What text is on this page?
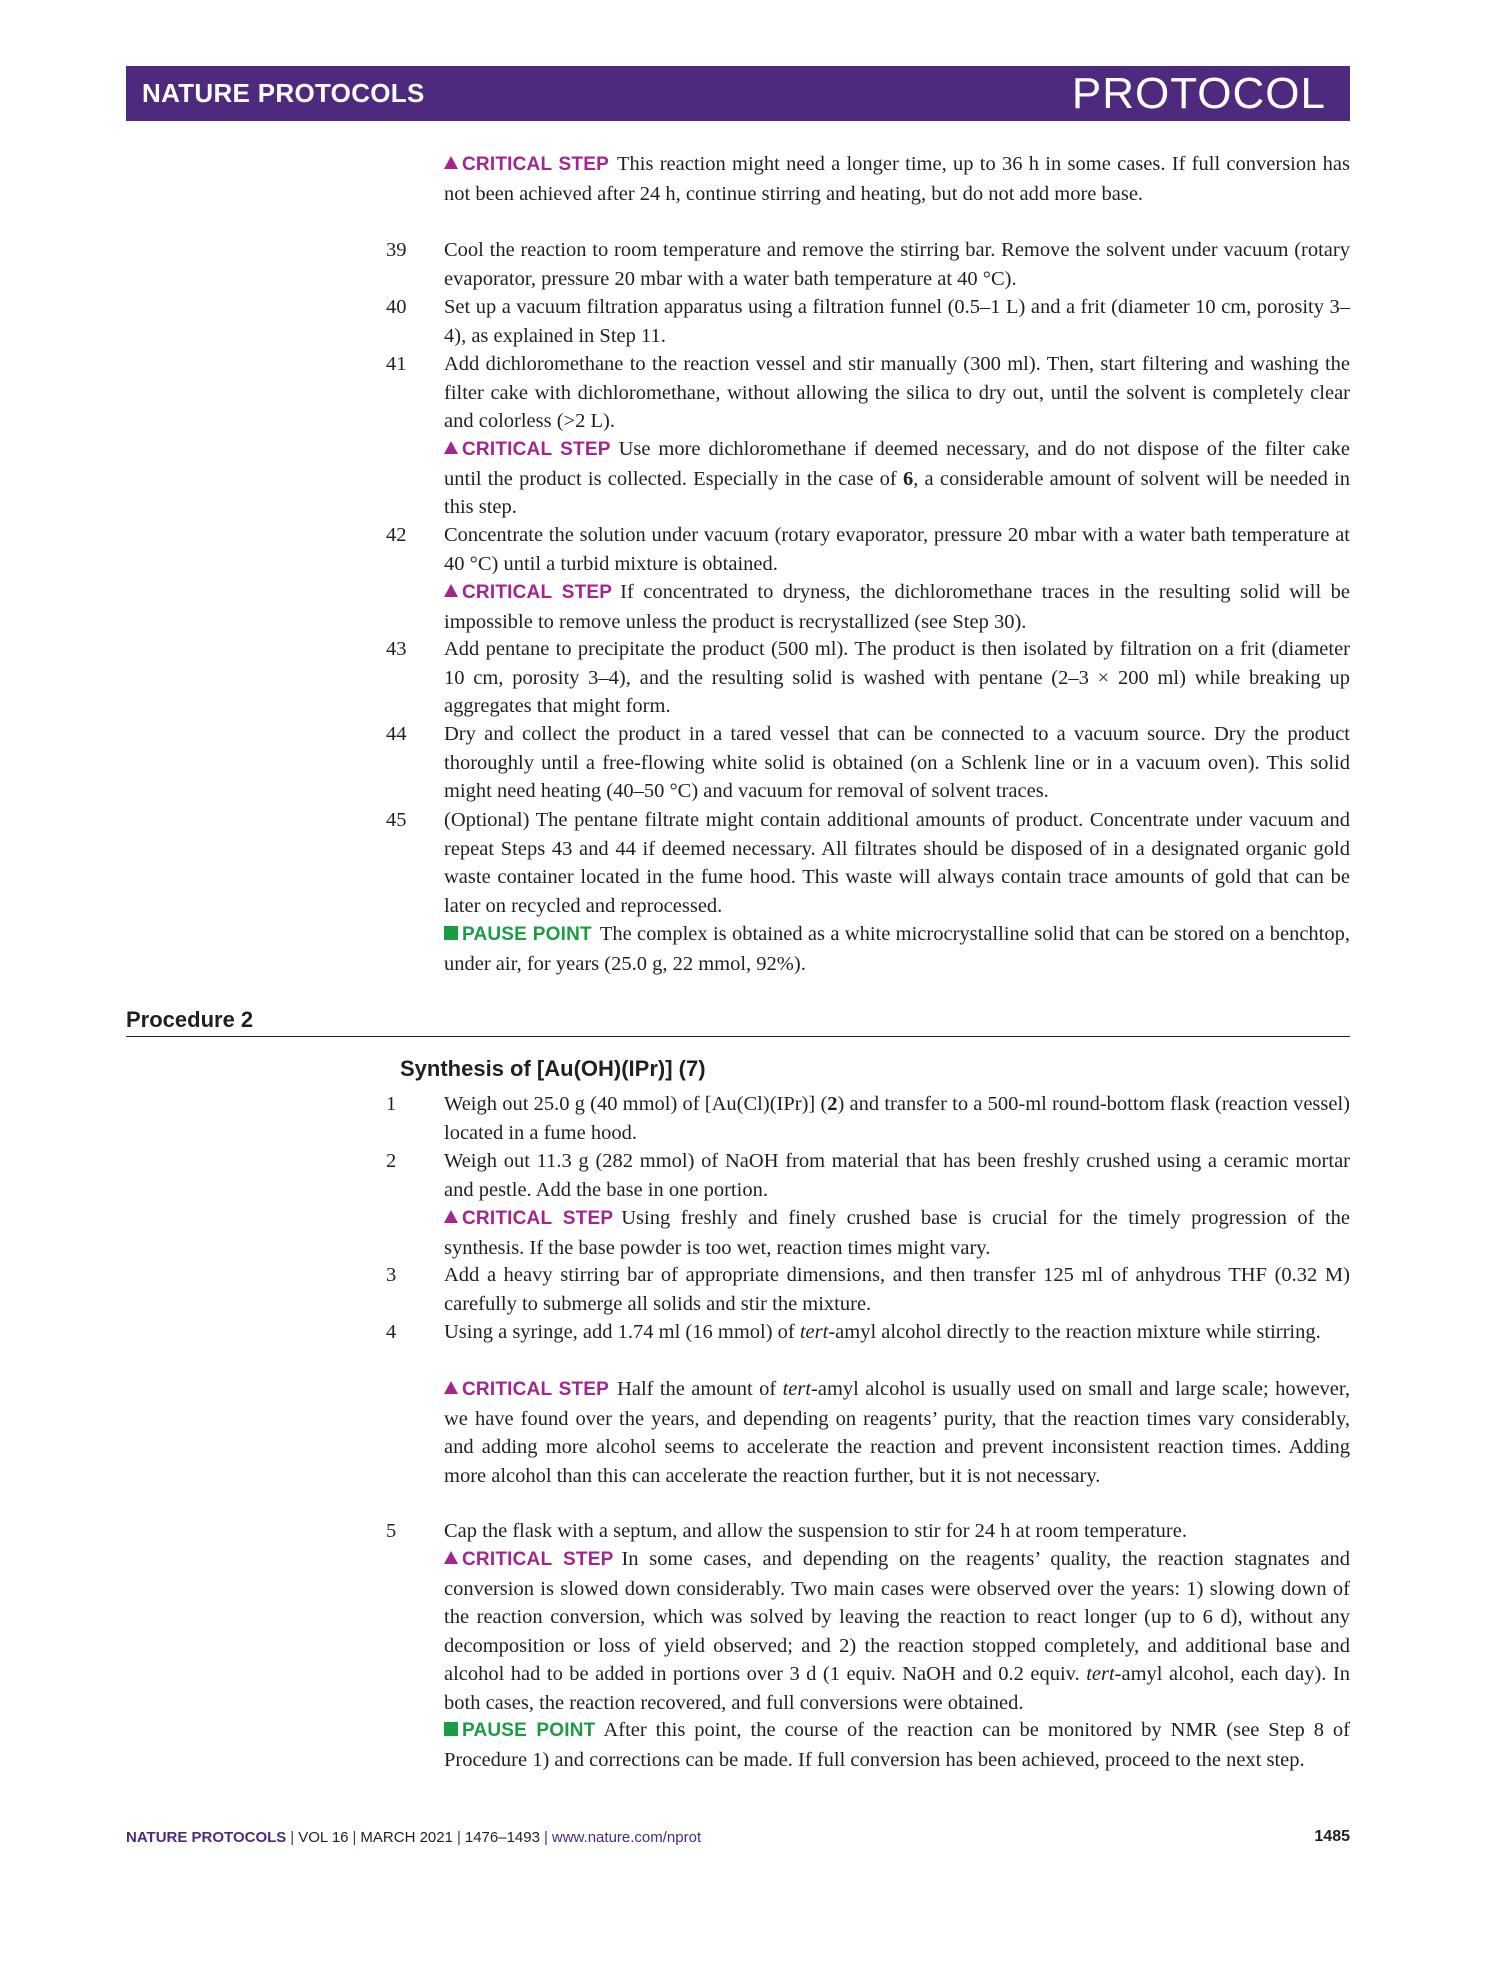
NATURE PROTOCOLS	PROTOCOL
CRITICAL STEP This reaction might need a longer time, up to 36 h in some cases. If full conversion has not been achieved after 24 h, continue stirring and heating, but do not add more base.
39	Cool the reaction to room temperature and remove the stirring bar. Remove the solvent under vacuum (rotary evaporator, pressure 20 mbar with a water bath temperature at 40 °C).
40	Set up a vacuum filtration apparatus using a filtration funnel (0.5–1 L) and a frit (diameter 10 cm, porosity 3–4), as explained in Step 11.
41	Add dichloromethane to the reaction vessel and stir manually (300 ml). Then, start filtering and washing the filter cake with dichloromethane, without allowing the silica to dry out, until the solvent is completely clear and colorless (>2 L).
CRITICAL STEP Use more dichloromethane if deemed necessary, and do not dispose of the filter cake until the product is collected. Especially in the case of 6, a considerable amount of solvent will be needed in this step.
42	Concentrate the solution under vacuum (rotary evaporator, pressure 20 mbar with a water bath temperature at 40 °C) until a turbid mixture is obtained.
CRITICAL STEP If concentrated to dryness, the dichloromethane traces in the resulting solid will be impossible to remove unless the product is recrystallized (see Step 30).
43	Add pentane to precipitate the product (500 ml). The product is then isolated by filtration on a frit (diameter 10 cm, porosity 3–4), and the resulting solid is washed with pentane (2–3 × 200 ml) while breaking up aggregates that might form.
44	Dry and collect the product in a tared vessel that can be connected to a vacuum source. Dry the product thoroughly until a free-flowing white solid is obtained (on a Schlenk line or in a vacuum oven). This solid might need heating (40–50 °C) and vacuum for removal of solvent traces.
45	(Optional) The pentane filtrate might contain additional amounts of product. Concentrate under vacuum and repeat Steps 43 and 44 if deemed necessary. All filtrates should be disposed of in a designated organic gold waste container located in the fume hood. This waste will always contain trace amounts of gold that can be later on recycled and reprocessed.
PAUSE POINT The complex is obtained as a white microcrystalline solid that can be stored on a benchtop, under air, for years (25.0 g, 22 mmol, 92%).
Procedure 2
Synthesis of [Au(OH)(IPr)] (7)
1	Weigh out 25.0 g (40 mmol) of [Au(Cl)(IPr)] (2) and transfer to a 500-ml round-bottom flask (reaction vessel) located in a fume hood.
2	Weigh out 11.3 g (282 mmol) of NaOH from material that has been freshly crushed using a ceramic mortar and pestle. Add the base in one portion.
CRITICAL STEP Using freshly and finely crushed base is crucial for the timely progression of the synthesis. If the base powder is too wet, reaction times might vary.
3	Add a heavy stirring bar of appropriate dimensions, and then transfer 125 ml of anhydrous THF (0.32 M) carefully to submerge all solids and stir the mixture.
4	Using a syringe, add 1.74 ml (16 mmol) of tert-amyl alcohol directly to the reaction mixture while stirring.
CRITICAL STEP Half the amount of tert-amyl alcohol is usually used on small and large scale; however, we have found over the years, and depending on reagents’ purity, that the reaction times vary considerably, and adding more alcohol seems to accelerate the reaction and prevent inconsistent reaction times. Adding more alcohol than this can accelerate the reaction further, but it is not necessary.
5	Cap the flask with a septum, and allow the suspension to stir for 24 h at room temperature.
CRITICAL STEP In some cases, and depending on the reagents’ quality, the reaction stagnates and conversion is slowed down considerably. Two main cases were observed over the years: 1) slowing down of the reaction conversion, which was solved by leaving the reaction to react longer (up to 6 d), without any decomposition or loss of yield observed; and 2) the reaction stopped completely, and additional base and alcohol had to be added in portions over 3 d (1 equiv. NaOH and 0.2 equiv. tert-amyl alcohol, each day). In both cases, the reaction recovered, and full conversions were obtained.
PAUSE POINT After this point, the course of the reaction can be monitored by NMR (see Step 8 of Procedure 1) and corrections can be made. If full conversion has been achieved, proceed to the next step.
NATURE PROTOCOLS | VOL 16 | MARCH 2021 | 1476–1493 | www.nature.com/nprot	1485
